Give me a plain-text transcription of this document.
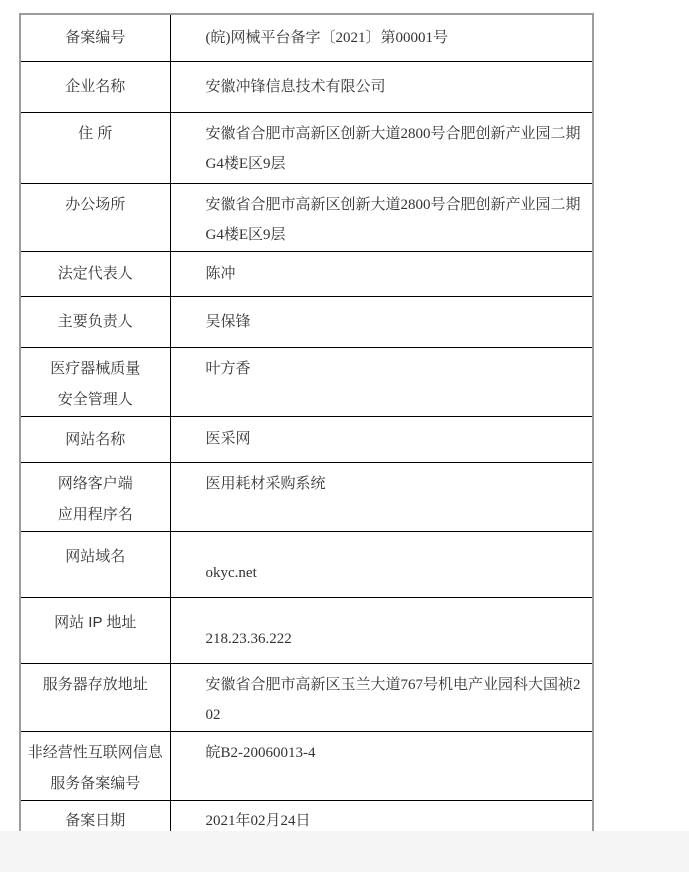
备案编号	(皖)网械平台备字〔2021〕第00001号

企业名称	安徽冲锋信息技术有限公司

住 所	安徽省合肥市高新区创新大道2800号合肥创新产业园二期G4楼E区9层

办公场所	安徽省合肥市高新区创新大道2800号合肥创新产业园二期G4楼E区9层

法定代表人	陈冲

主要负责人	吴保锋

医疗器械质量
安全管理人	叶方香

网站名称	医采网

网络客户端
应用程序名	医用耗材采购系统

网站域名	okyc.net

网站 IP 地址	218.23.36.222

服务器存放地址	安徽省合肥市高新区玉兰大道767号机电产业园科大国祯202

非经营性互联网信息
服务备案编号	皖B2-20060013-4

备案日期	2021年02月24日
